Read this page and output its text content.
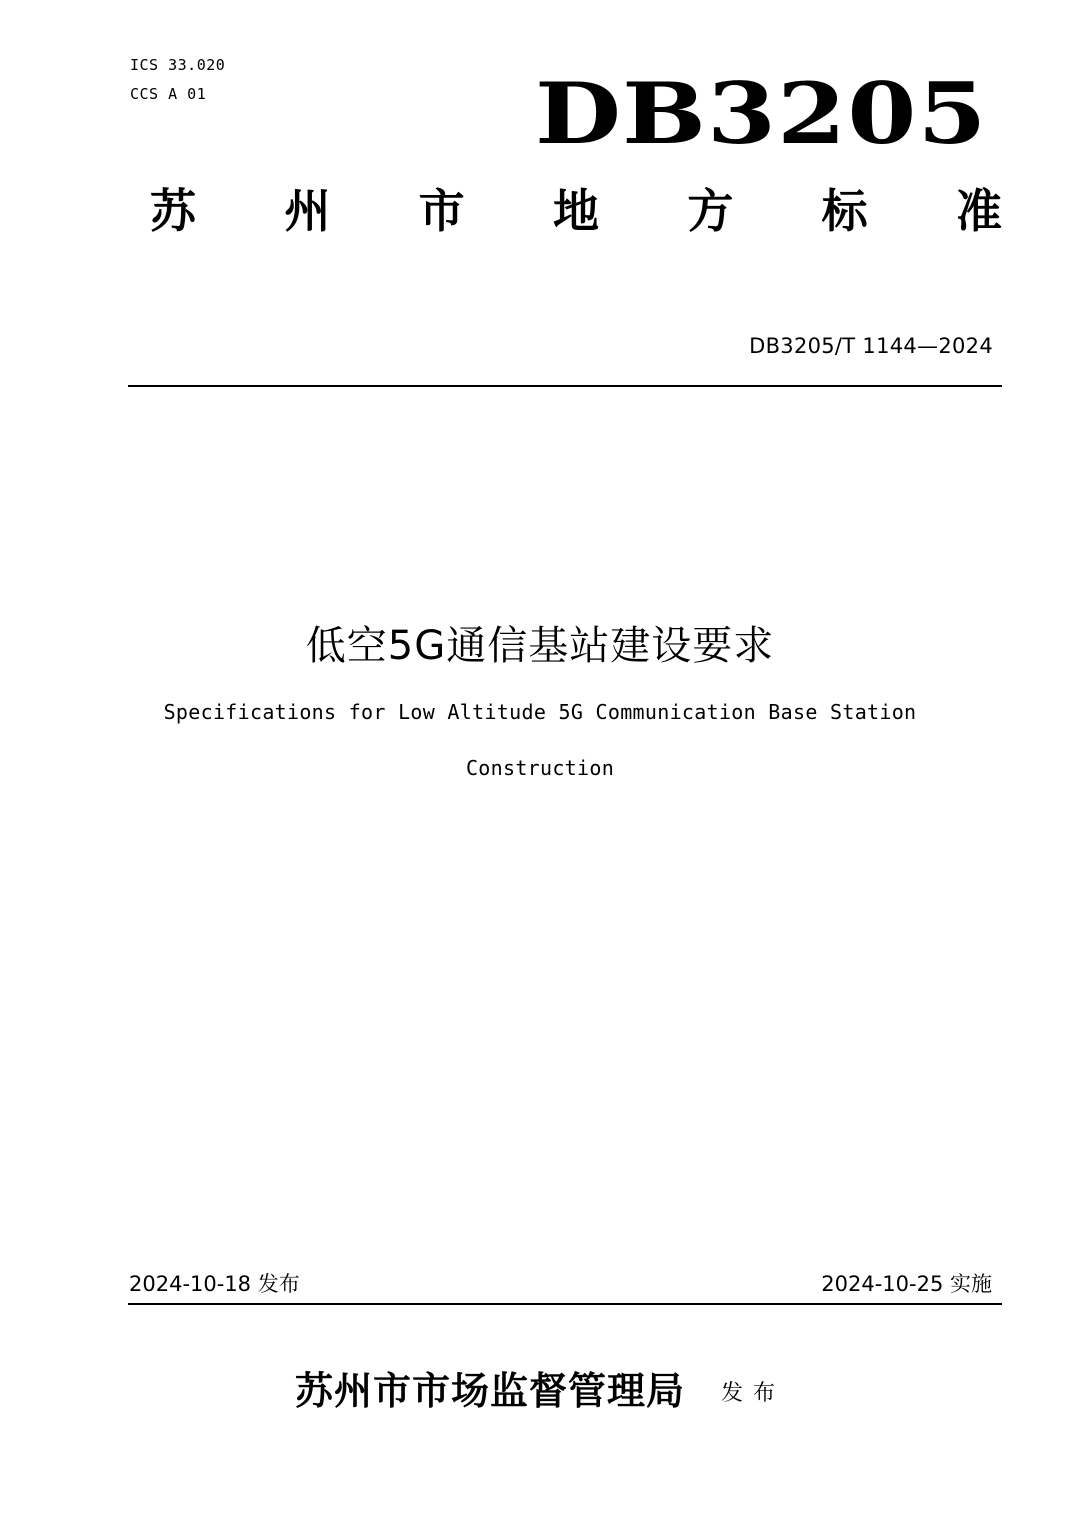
ICS 33.020
CCS A 01	DB3205
苏 州 市 地 方 标 准
DB3205/T 1144—2024
低空5G通信基站建设要求
Specifications for Low Altitude 5G Communication Base Station
Construction
2024-10-18 发布	2024-10-25 实施
苏州市市场监督管理局 发布
